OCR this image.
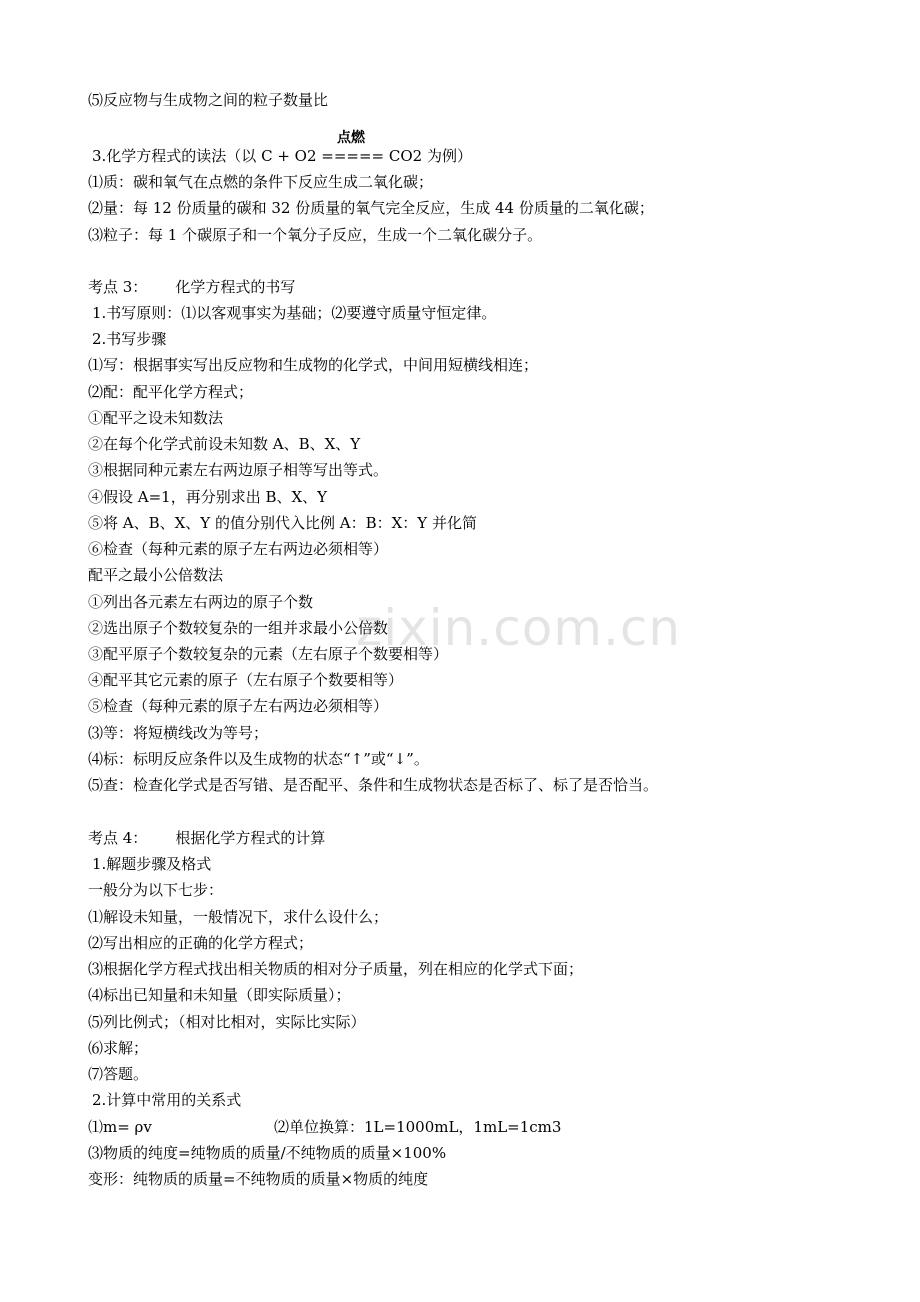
zixin.com.cn
⑸反应物与生成物之间的粒子数量比
点燃
3.化学方程式的读法（以 C + O2 ===== CO2 为例）
⑴质：碳和氧气在点燃的条件下反应生成二氧化碳；
⑵量：每 12 份质量的碳和 32 份质量的氧气完全反应，生成 44 份质量的二氧化碳；
⑶粒子：每 1 个碳原子和一个氧分子反应，生成一个二氧化碳分子。
考点 3： 化学方程式的书写
1.书写原则：⑴以客观事实为基础；⑵要遵守质量守恒定律。
2.书写步骤
⑴写：根据事实写出反应物和生成物的化学式，中间用短横线相连；
⑵配：配平化学方程式；
①配平之设未知数法
②在每个化学式前设未知数 A、B、X、Y
③根据同种元素左右两边原子相等写出等式。
④假设 A=1，再分别求出 B、X、Y
⑤将 A、B、X、Y 的值分别代入比例 A：B：X：Y 并化简
⑥检查（每种元素的原子左右两边必须相等）
配平之最小公倍数法
①列出各元素左右两边的原子个数
②选出原子个数较复杂的一组并求最小公倍数
③配平原子个数较复杂的元素（左右原子个数要相等）
④配平其它元素的原子（左右原子个数要相等）
⑤检查（每种元素的原子左右两边必须相等）
⑶等：将短横线改为等号；
⑷标：标明反应条件以及生成物的状态“↑”或“↓”。
⑸查：检查化学式是否写错、是否配平、条件和生成物状态是否标了、标了是否恰当。
考点 4： 根据化学方程式的计算
1.解题步骤及格式
一般分为以下七步：
⑴解设未知量，一般情况下，求什么设什么；
⑵写出相应的正确的化学方程式；
⑶根据化学方程式找出相关物质的相对分子质量，列在相应的化学式下面；
⑷标出已知量和未知量（即实际质量）；
⑸列比例式；（相对比相对，实际比实际）
⑹求解；
⑺答题。
2.计算中常用的关系式
⑴m= ρv	⑵单位换算：1L=1000mL，1mL=1cm3
⑶物质的纯度=纯物质的质量/不纯物质的质量×100%
变形：纯物质的质量=不纯物质的质量×物质的纯度
